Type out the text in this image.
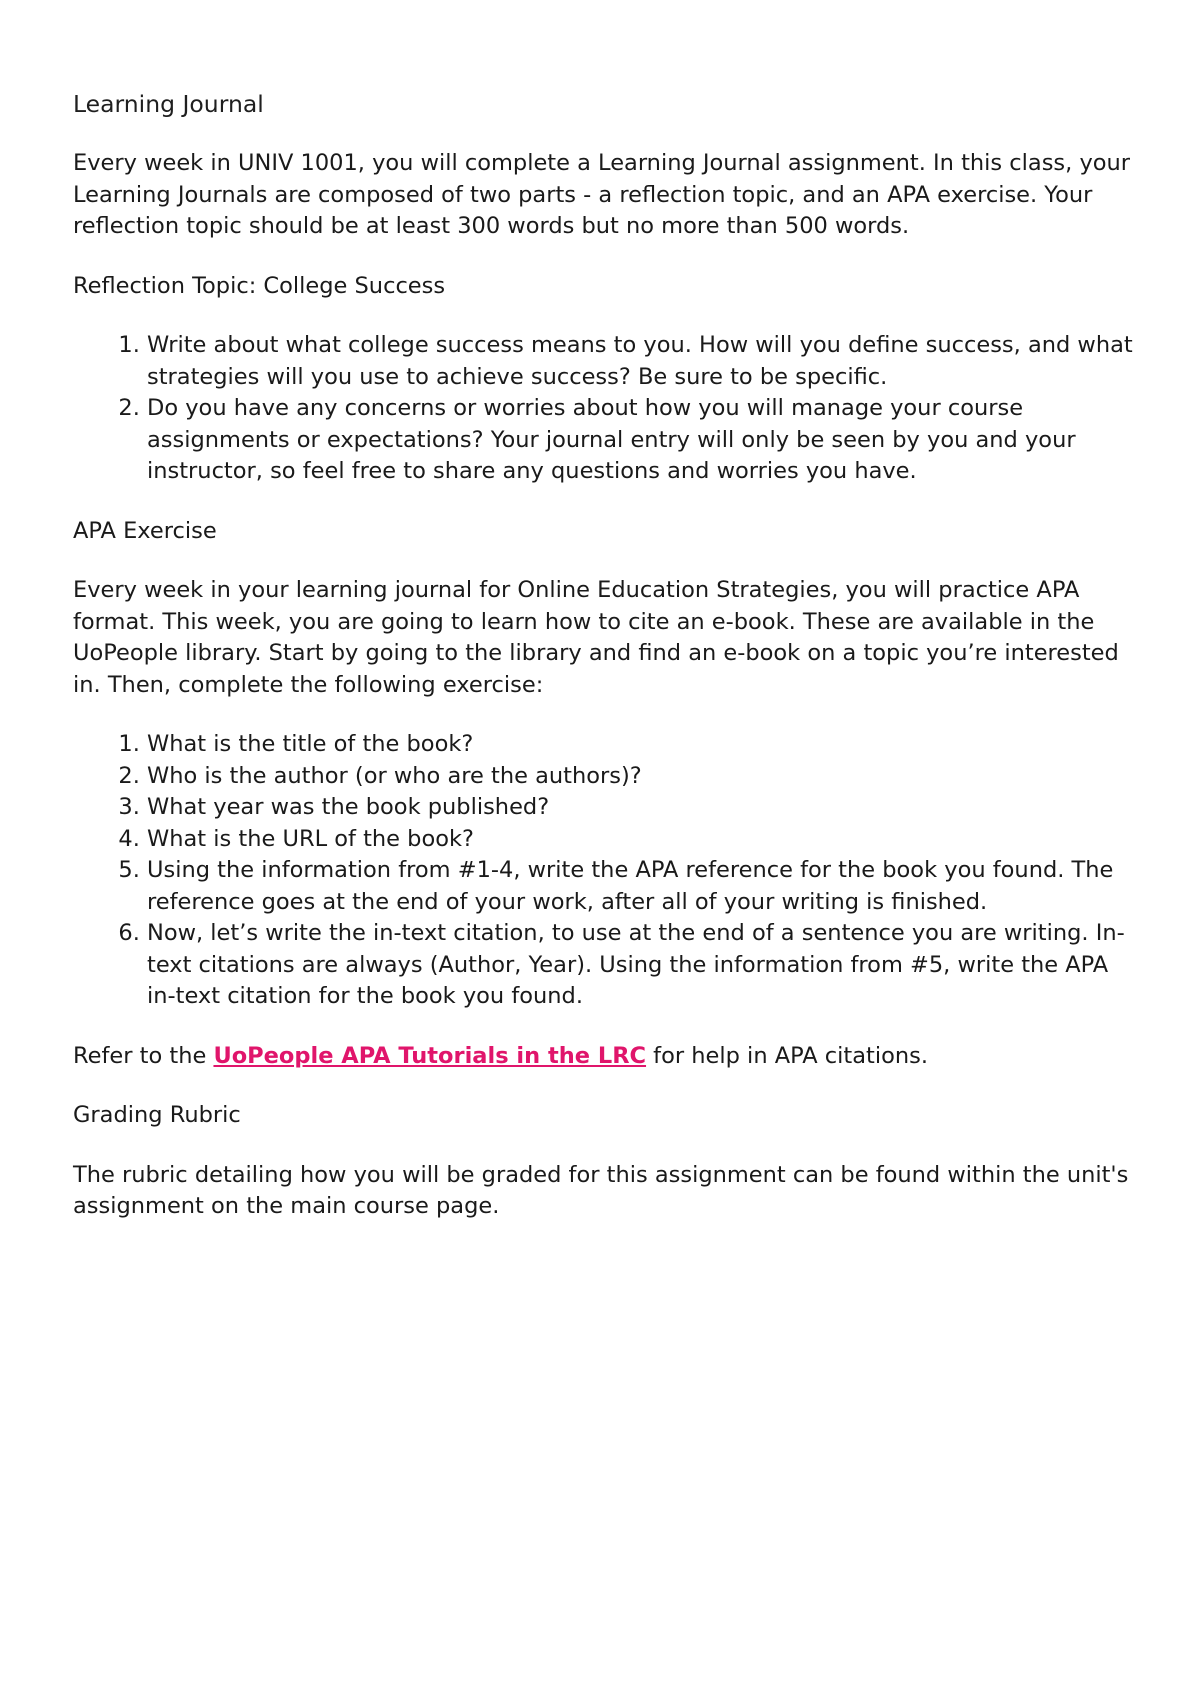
Learning Journal

Every week in UNIV 1001, you will complete a Learning Journal assignment. In this class, your Learning Journals are composed of two parts - a reflection topic, and an APA exercise. Your reflection topic should be at least 300 words but no more than 500 words.

Reflection Topic: College Success
1. Write about what college success means to you. How will you define success, and what strategies will you use to achieve success? Be sure to be specific.
2. Do you have any concerns or worries about how you will manage your course assignments or expectations? Your journal entry will only be seen by you and your instructor, so feel free to share any questions and worries you have.
APA Exercise

Every week in your learning journal for Online Education Strategies, you will practice APA format. This week, you are going to learn how to cite an e-book. These are available in the UoPeople library. Start by going to the library and find an e-book on a topic you’re interested in. Then, complete the following exercise:

1. What is the title of the book?
2. Who is the author (or who are the authors)?
3. What year was the book published?
4. What is the URL of the book?
5. Using the information from #1-4, write the APA reference for the book you found. The reference goes at the end of your work, after all of your writing is finished.
6. Now, let’s write the in-text citation, to use at the end of a sentence you are writing. In-text citations are always (Author, Year). Using the information from #5, write the APA in-text citation for the book you found.

Refer to the UoPeople APA Tutorials in the LRC for help in APA citations.

Grading Rubric

The rubric detailing how you will be graded for this assignment can be found within the unit's assignment on the main course page.
